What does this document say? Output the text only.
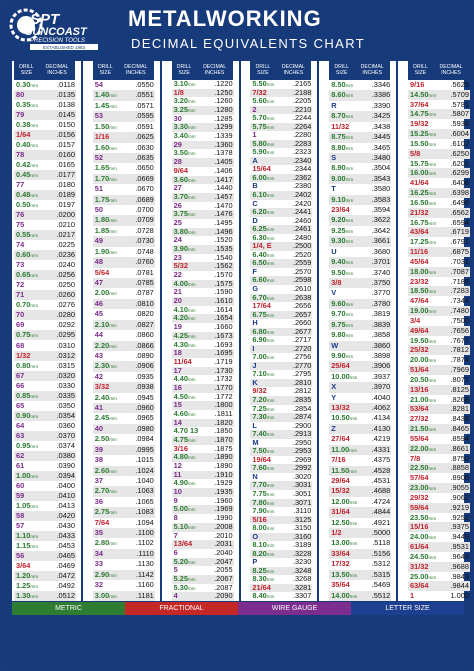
SPT
SUNCOAST
PRECISION TOOLS
ESTABLISHED 1963
METALWORKING
DECIMAL EQUIVALENTS CHART
DRILL SIZE
DECIMAL INCHES
0.30mm	.0118
80	.0135
0.35mm	.0138
79	.0145
0.38mm	.0150
1/64	.0156
0.40mm	.0157
78	.0160
0.42mm	.0165
0.45mm	.0177
77	.0180
0.48mm	.0189
0.50mm	.0197
76	.0200
75	.0210
0.55mm	.0217
74	.0225
0.60mm	.0236
73	.0240
0.65mm	.0256
72	.0250
71	.0260
0.70mm	.0276
70	.0280
69	.0292
0.75mm	.0295
68	.0310
1/32	.0312
0.80mm	.0315
67	.0320
66	.0330
0.85mm	.0335
65	.0350
0.90mm	.0354
64	.0360
63	.0370
0.95mm	.0374
62	.0380
61	.0390
1.00mm	.0394
60	.0400
59	.0410
1.05mm	.0413
58	.0420
57	.0430
1.10mm	.0433
1.15mm	.0453
56	.0465
3/64	.0469
1.20mm	.0472
1.25mm	.0492
1.30mm	.0512
DRILL SIZE
DECIMAL INCHES
54	.0550
1.40mm	.0551
1.45mm	.0571
53	.0595
1.50mm	.0591
1/16	.0625
1.60mm	.0630
52	.0635
1.65mm	.0650
1.70mm	.0669
51	.0670
1.75mm	.0689
50	.0700
1.80mm	.0709
1.85mm	.0728
49	.0730
1.90mm	.0748
48	.0760
5/64	.0781
47	.0785
2.00mm	.0787
46	.0810
45	.0820
2.10mm	.0827
44	.0860
2.20mm	.0866
43	.0890
2.30mm	.0906
42	.0935
3/32	.0938
2.40mm	.0945
41	.0960
2.45mm	.0965
40	.0980
2.50mm	.0984
39	.0995
38	.1015
2.60mm	.1024
37	.1040
2.70mm	.1063
36	.1065
2.75mm	.1083
7/64	.1094
35	.1100
2.80mm	.1102
34	.1110
33	.1130
2.90mm	.1142
32	.1160
3.00mm	.1181
DRILL SIZE
DECIMAL INCHES
3.10mm	.1220
1/8	.1250
3.20mm	.1260
3.25mm	.1280
30	.1285
3.30mm	.1299
3.40mm	.1339
29	.1360
3.50mm	.1378
28	.1405
9/64	.1406
3.60mm	.1417
27	.1440
3.70mm	.1457
26	.1470
3.75mm	.1476
25	.1495
3.80mm	.1496
24	.1520
3.90mm	.1535
23	.1540
5/32	.1562
22	.1570
4.00mm	.1575
21	.1590
20	.1610
4.10mm	.1614
4.20mm	.1654
19	.1660
4.25mm	.1673
4.30mm	.1693
18	.1695
11/64	.1719
17	.1730
4.40mm	.1732
16	.1770
4.50mm	.1772
15	.1800
4.60mm	.1811
14	.1820
4.70 13	.1850
4.75mm	.1870
3/16	.1875
4.80mm	.1890
12	.1890
11	.1910
4.90mm	.1929
10	.1935
9	.1960
5.00mm	.1969
8	.1990
5.10mm	.2008
7	.2010
13/64	.2031
6	.2040
5.20mm	.2047
5	.2055
5.25mm	.2067
5.30mm	.2087
4	.2090
DRILL SIZE
DECIMAL INCHES
5.50mm	.2165
7/32	.2188
5.60mm	.2205
2	.2210
5.70mm	.2244
5.75mm	.2264
1	.2280
5.80mm	.2283
5.90mm	.2323
A	.2340
15/64	.2344
6.00mm	.2362
B	.2380
6.10mm	.2402
C	.2420
6.20mm	.2441
D	.2460
6.25mm	.2461
6.30mm	.2480
1/4, E	.2500
6.40mm	.2520
6.50mm	.2559
F	.2570
6.60mm	.2598
G	.2610
6.70mm	.2638
17/64	.2656
6.75mm	.2657
H	.2660
6.80mm	.2677
6.90mm	.2717
I	.2720
7.00mm	.2756
J	.2770
7.10mm	.2795
K	.2810
9/32	.2812
7.20mm	.2835
7.25mm	.2854
7.30mm	.2874
L	.2900
7.40mm	.2913
M	.2950
7.50mm	.2953
19/64	.2969
7.60mm	.2992
N	.3020
7.70mm	.3031
7.75mm	.3051
7.80mm	.3071
7.90mm	.3110
5/16	.3125
8.00mm	.3150
O	.3160
8.10mm	.3189
8.20mm	.3228
P	.3230
8.25mm	.3248
8.30mm	.3268
21/64	.3281
8.40mm	.3307
DRILL SIZE
DECIMAL INCHES
8.50mm	.3346
8.60mm	.3386
R	.3390
8.70mm	.3425
11/32	.3438
8.75mm	.3445
8.80mm	.3465
S	.3480
8.90mm	.3504
9.00mm	.3543
T	.3580
9.10mm	.3583
23/64	.3594
9.20mm	.3622
9.25mm	.3642
9.30mm	.3661
U	.3680
9.40mm	.3701
9.50mm	.3740
3/8	.3750
V	.3770
9.60mm	.3780
9.70mm	.3819
9.75mm	.3839
9.80mm	.3858
W	.3860
9.90mm	.3898
25/64	.3906
10.00mm	.3937
X	.3970
Y	.4040
13/32	.4062
10.50mm	.4134
Z	.4130
27/64	.4219
11.00mm	.4331
7/16	.4375
11.50mm	.4528
29/64	.4531
15/32	.4688
12.00mm	.4724
31/64	.4844
12.50mm	.4921
1/2	.5000
13.00mm	.5118
33/64	.5156
17/32	.5312
13.50mm	.5315
35/64	.5469
14.00mm	.5512
DRILL SIZE
DECIMAL INCHES
9/16	.5625
14.50mm	.5709
37/64	.5781
14.75mm	.5807
19/32	.5938
15.25mm	.6004
15.50mm	.6102
5/8	.6250
15.75mm	.6201
16.00mm	.6299
41/64	.6406
16.25mm	.6398
16.50mm	.6496
21/32	.6562
16.75mm	.6594
43/64	.6719
17.25mm	.6791
11/16	.6875
45/64	.7031
18.00mm	.7087
23/32	.7188
18.50mm	.7283
47/64	.7344
19.00mm	.7480
3/4	.7500
49/64	.7656
19.50mm	.7677
25/32	.7812
20.00mm	.7874
51/64	.7969
20.50mm	.8071
13/16	.8125
21.00mm	.8268
53/64	.8281
27/32	.8438
21.50mm	.8465
55/64	.8594
22.00mm	.8661
7/8	.8750
22.50mm	.8858
57/64	.8906
23.00mm	.9055
29/32	.9062
59/64	.9219
23.50mm	.9252
15/16	.9375
24.00mm	.9449
61/64	.9531
24.50mm	.9646
31/32	.9688
25.00mm	.9843
63/64	.9844
1	1.000
METRIC	FRACTIONAL	WIRE GAUGE	LETTER SIZE
